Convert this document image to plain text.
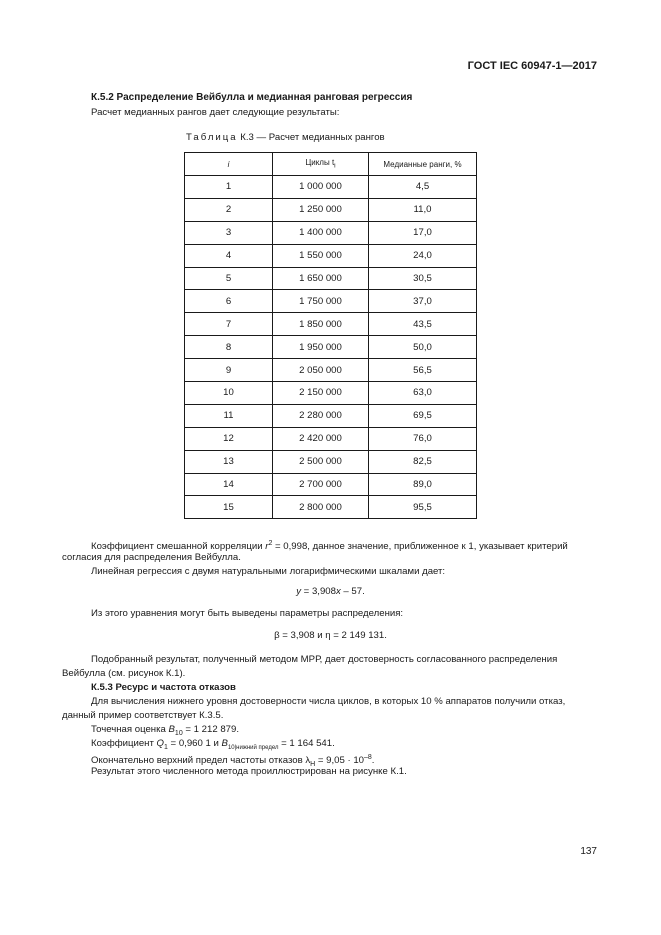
ГОСТ IEC 60947-1—2017
К.5.2 Распределение Вейбулла и медианная ранговая регрессия
Расчет медианных рангов дает следующие результаты:
Таблица К.3 — Расчет медианных рангов
i	Циклы $t_i$	Медианные ранги, %
1	1 000 000	4,5
2	1 250 000	11,0
3	1 400 000	17,0
4	1 550 000	24,0
5	1 650 000	30,5
6	1 750 000	37,0
7	1 850 000	43,5
8	1 950 000	50,0
9	2 050 000	56,5
10	2 150 000	63,0
11	2 280 000	69,5
12	2 420 000	76,0
13	2 500 000	82,5
14	2 700 000	89,0
15	2 800 000	95,5
Коэффициент смешанной корреляции $r^2 = 0,998$, данное значение, приближенное к 1, указывает критерий
согласия для распределения Вейбулла.
Линейная регрессия с двумя натуральными логарифмическими шкалами дает:
y = 3,908x – 57.
Из этого уравнения могут быть выведены параметры распределения:
β = 3,908 и η = 2 149 131.
Подобранный результат, полученный методом МРР, дает достоверность согласованного распределения
Вейбулла (см. рисунок К.1).
К.5.3 Ресурс и частота отказов
Для вычисления нижнего уровня достоверности числа циклов, в которых 10 % аппаратов получили отказ,
данный пример соответствует К.3.5.
Точечная оценка $B_{10} = 1$ 212 879.
Коэффициент $Q_1 = 0,960$ 1 и $B_{10|нижний предел} = 1$ 164 541.
Окончательно верхний предел частоты отказов $\lambda_Н = 9,05 \cdot 10^{-8}$.
Результат этого численного метода проиллюстрирован на рисунке К.1.
137
